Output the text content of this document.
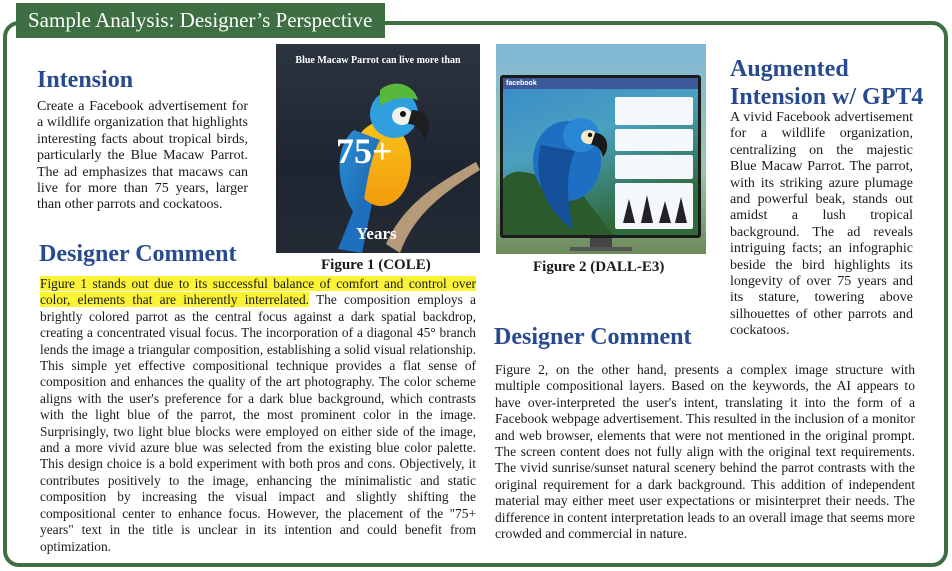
Sample Analysis: Designer’s Perspective
Intension

Create a Facebook advertisement for a wildlife organization that highlights interesting facts about tropical birds, particularly the Blue Macaw Parrot. The ad emphasizes that macaws can live for more than 75 years, larger than other parrots and cockatoos.

Designer Comment

Figure 1 stands out due to its successful balance of comfort and control over color, elements that are inherently interrelated. The composition employs a brightly colored parrot as the central focus against a dark spatial backdrop, creating a concentrated visual focus. The incorporation of a diagonal 45° branch lends the image a triangular composition, establishing a solid visual relationship. This simple yet effective compositional technique provides a flat sense of composition and enhances the quality of the art photography. The color scheme aligns with the user's preference for a dark blue background, which contrasts with the light blue of the parrot, the most prominent color in the image. Surprisingly, two light blue blocks were employed on either side of the image, and a more vivid azure blue was selected from the existing blue color palette. This design choice is a bold experiment with both pros and cons. Objectively, it contributes positively to the image, enhancing the minimalistic and static composition by increasing the visual impact and slightly shifting the compositional center to enhance focus. However, the placement of the "75+ years" text in the title is unclear in its intention and could benefit from optimization.

Blue Macaw Parrot can live more than
75+
Years
Figure 1 (COLE)
facebook
Figure 2 (DALL-E3)
Augmented Intension w/ GPT4

A vivid Facebook advertisement for a wildlife organization, centralizing on the majestic Blue Macaw Parrot. The parrot, with its striking azure plumage and powerful beak, stands out amidst a lush tropical background. The ad reveals intriguing facts; an infographic beside the bird highlights its longevity of over 75 years and its stature, towering above silhouettes of other parrots and cockatoos.

Designer Comment

Figure 2, on the other hand, presents a complex image structure with multiple compositional layers. Based on the keywords, the AI appears to have over-interpreted the user's intent, translating it into the form of a Facebook webpage advertisement. This resulted in the inclusion of a monitor and web browser, elements that were not mentioned in the original prompt. The screen content does not fully align with the original text requirements. The vivid sunrise/sunset natural scenery behind the parrot contrasts with the original requirement for a dark background. This addition of independent material may either meet user expectations or misinterpret their needs. The difference in content interpretation leads to an overall image that seems more crowded and commercial in nature.
